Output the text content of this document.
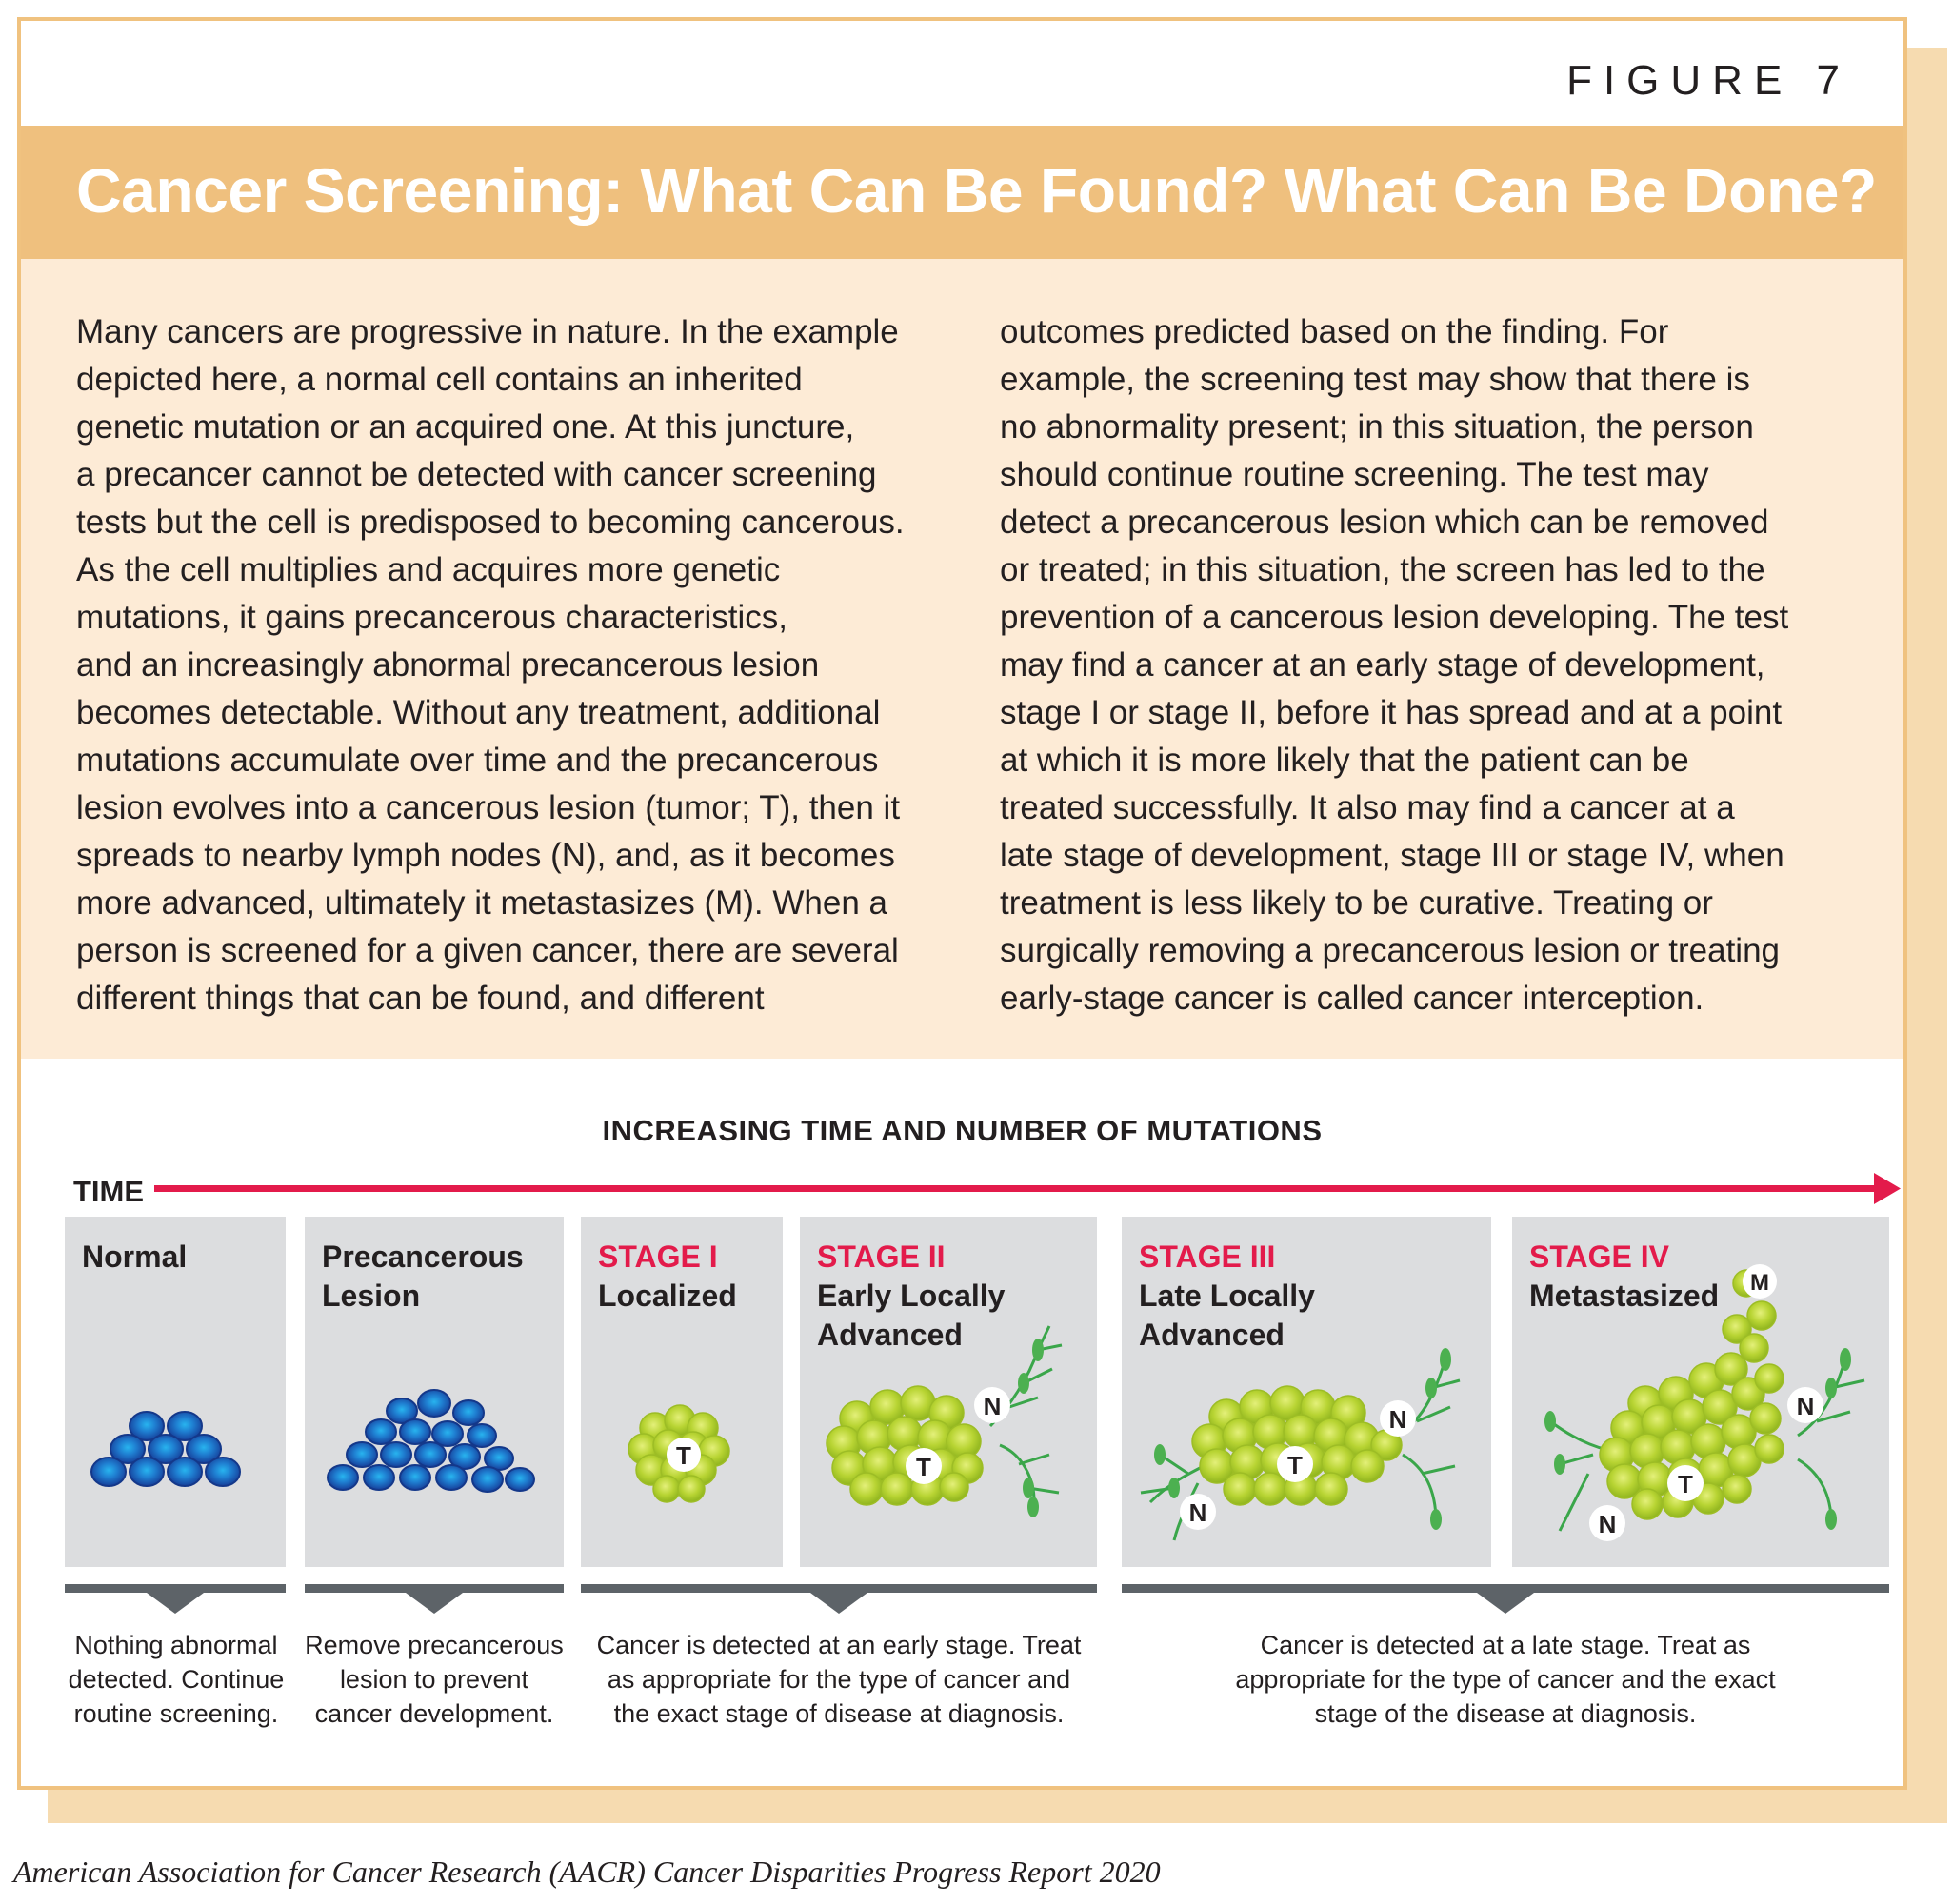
FIGURE 7
Cancer Screening: What Can Be Found? What Can Be Done?
Many cancers are progressive in nature. In the example
depicted here, a normal cell contains an inherited
genetic mutation or an acquired one. At this juncture,
a precancer cannot be detected with cancer screening
tests but the cell is predisposed to becoming cancerous.
As the cell multiplies and acquires more genetic
mutations, it gains precancerous characteristics,
and an increasingly abnormal precancerous lesion
becomes detectable. Without any treatment, additional
mutations accumulate over time and the precancerous
lesion evolves into a cancerous lesion (tumor; T), then it
spreads to nearby lymph nodes (N), and, as it becomes
more advanced, ultimately it metastasizes (M). When a
person is screened for a given cancer, there are several
different things that can be found, and different
outcomes predicted based on the finding. For
example, the screening test may show that there is
no abnormality present; in this situation, the person
should continue routine screening. The test may
detect a precancerous lesion which can be removed
or treated; in this situation, the screen has led to the
prevention of a cancerous lesion developing. The test
may find a cancer at an early stage of development,
stage I or stage II, before it has spread and at a point
at which it is more likely that the patient can be
treated successfully. It also may find a cancer at a
late stage of development, stage III or stage IV, when
treatment is less likely to be curative. Treating or
surgically removing a precancerous lesion or treating
early-stage cancer is called cancer interception.
INCREASING TIME AND NUMBER OF MUTATIONS
TIME
Normal	Precancerous
Lesion
STAGE I
Localized
T
STAGE II
Early Locally
Advanced
T
N
STAGE III
Late Locally
Advanced
T
N
N
STAGE IV
Metastasized M
T
N
N
Nothing abnormal
detected. Continue
routine screening.
Remove precancerous
lesion to prevent
cancer development.
Cancer is detected at an early stage. Treat
as appropriate for the type of cancer and
the exact stage of disease at diagnosis.
Cancer is detected at a late stage. Treat as
appropriate for the type of cancer and the exact
stage of the disease at diagnosis.
American Association for Cancer Research (AACR) Cancer Disparities Progress Report 2020
